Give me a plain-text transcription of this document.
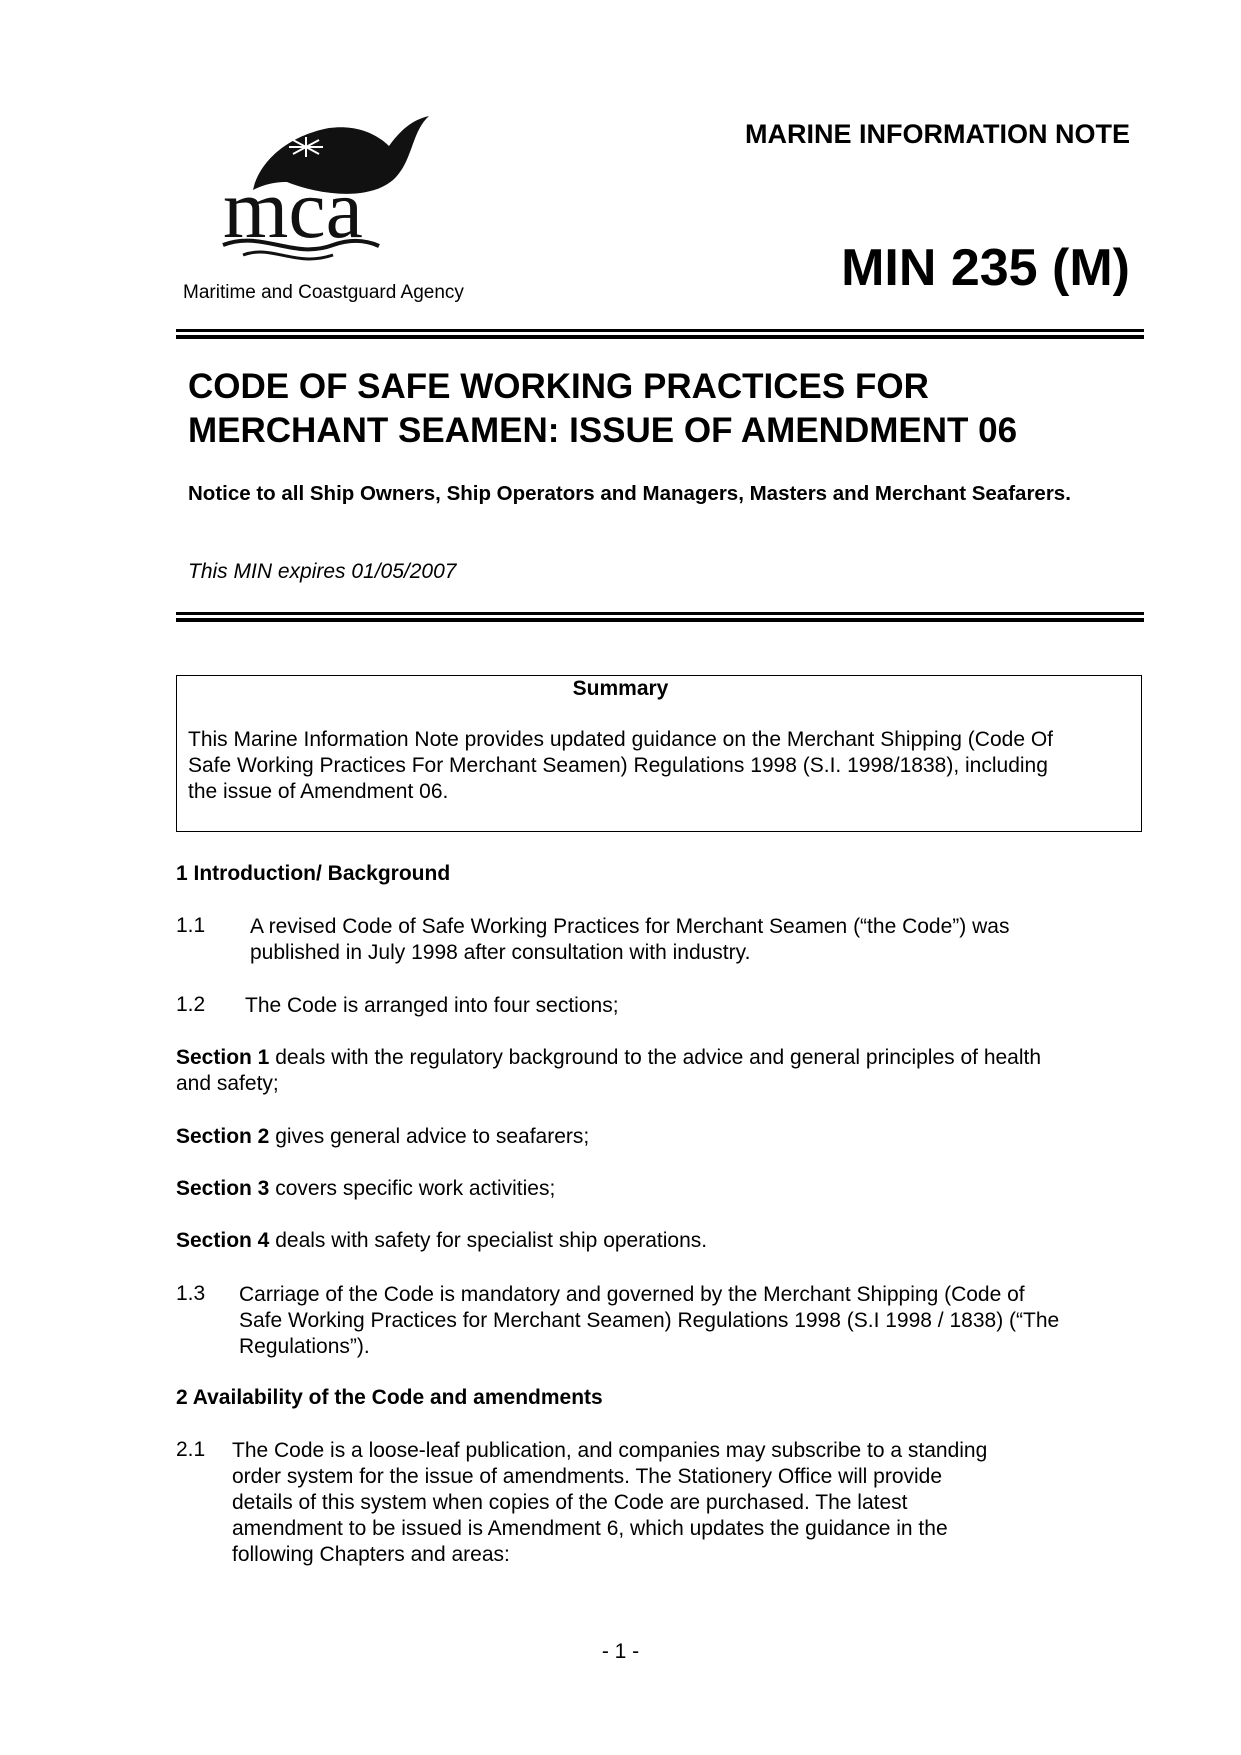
mca
Maritime and Coastguard Agency
MARINE INFORMATION NOTE
MIN 235 (M)
CODE OF SAFE WORKING PRACTICES FOR
MERCHANT SEAMEN: ISSUE OF AMENDMENT 06
Notice to all Ship Owners, Ship Operators and Managers, Masters and Merchant Seafarers.
This MIN expires 01/05/2007
Summary
This Marine Information Note provides updated guidance on the Merchant Shipping (Code Of
Safe Working Practices For Merchant Seamen) Regulations 1998 (S.I. 1998/1838), including
the issue of Amendment 06.
1 Introduction/ Background
1.1 A revised Code of Safe Working Practices for Merchant Seamen (“the Code”) was
published in July 1998 after consultation with industry.
1.2 The Code is arranged into four sections;
Section 1 deals with the regulatory background to the advice and general principles of health
and safety;
Section 2 gives general advice to seafarers;
Section 3 covers specific work activities;
Section 4 deals with safety for specialist ship operations.
1.3 Carriage of the Code is mandatory and governed by the Merchant Shipping (Code of
Safe Working Practices for Merchant Seamen) Regulations 1998 (S.I 1998 / 1838) (“The
Regulations”).
2 Availability of the Code and amendments
2.1 The Code is a loose-leaf publication, and companies may subscribe to a standing
order system for the issue of amendments. The Stationery Office will provide
details of this system when copies of the Code are purchased. The latest
amendment to be issued is Amendment 6, which updates the guidance in the
following Chapters and areas:
- 1 -
